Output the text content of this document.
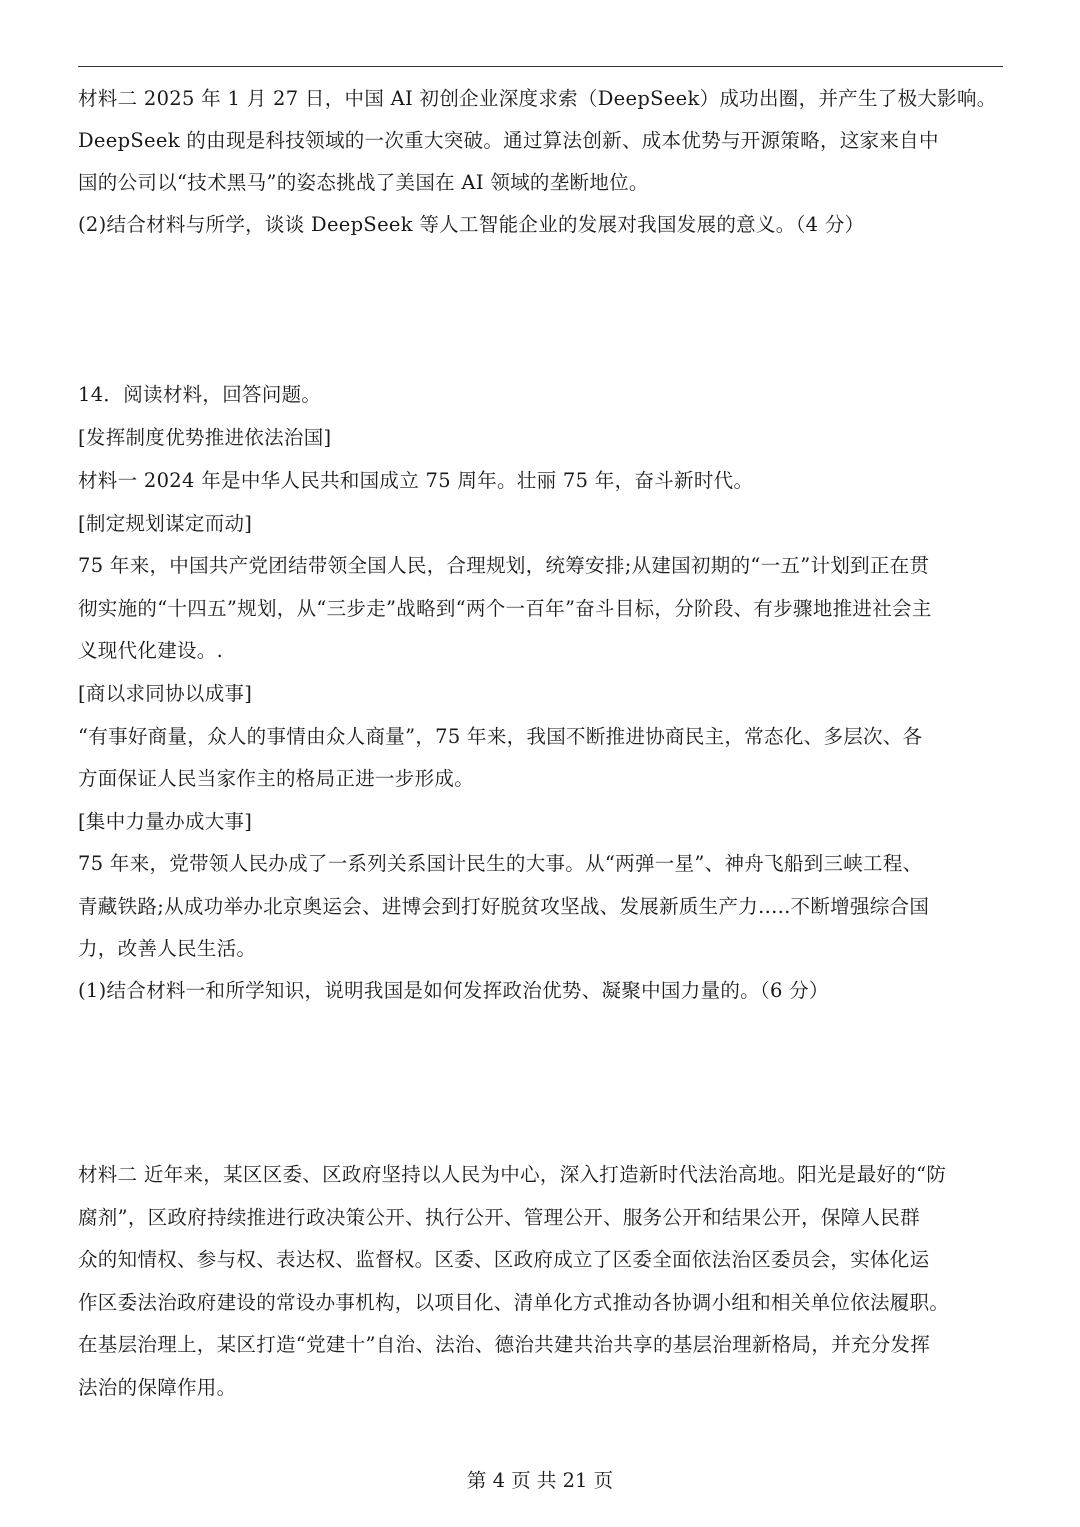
材料二 2025 年 1 月 27 日，中国 AI 初创企业深度求索（DeepSeek）成功出圈，并产生了极大影响。
DeepSeek 的由现是科技领域的一次重大突破。通过算法创新、成本优势与开源策略，这家来自中
国的公司以“技术黑马”的姿态挑战了美国在 AI 领域的垄断地位。
(2)结合材料与所学，谈谈 DeepSeek 等人工智能企业的发展对我国发展的意义。（4 分）
14．阅读材料，回答问题。
[发挥制度优势推进依法治国]
材料一 2024 年是中华人民共和国成立 75 周年。壮丽 75 年，奋斗新时代。
[制定规划谋定而动]
75 年来，中国共产党团结带领全国人民，合理规划，统筹安排;从建国初期的“一五”计划到正在贯
彻实施的“十四五”规划，从“三步走”战略到“两个一百年”奋斗目标，分阶段、有步骤地推进社会主
义现代化建设。.
[商以求同协以成事]
“有事好商量，众人的事情由众人商量”，75 年来，我国不断推进协商民主，常态化、多层次、各
方面保证人民当家作主的格局正进一步形成。
[集中力量办成大事]
75 年来，党带领人民办成了一系列关系国计民生的大事。从“两弹一星”、神舟飞船到三峡工程、
青藏铁路;从成功举办北京奥运会、进博会到打好脱贫攻坚战、发展新质生产力.....不断增强综合国
力，改善人民生活。
(1)结合材料一和所学知识，说明我国是如何发挥政治优势、凝聚中国力量的。（6 分）
材料二 近年来，某区区委、区政府坚持以人民为中心，深入打造新时代法治高地。阳光是最好的“防
腐剂”，区政府持续推进行政决策公开、执行公开、管理公开、服务公开和结果公开，保障人民群
众的知情权、参与权、表达权、监督权。区委、区政府成立了区委全面依法治区委员会，实体化运
作区委法治政府建设的常设办事机构，以项目化、清单化方式推动各协调小组和相关单位依法履职。
在基层治理上，某区打造“党建十”自治、法治、德治共建共治共享的基层治理新格局，并充分发挥
法治的保障作用。
第 4 页 共 21 页
